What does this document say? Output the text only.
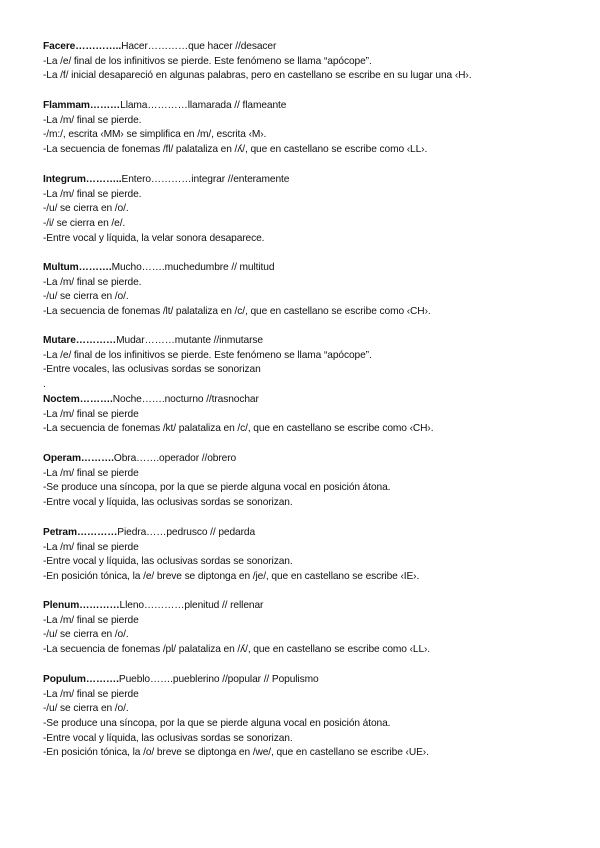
Facere…………..Hacer…………que hacer //desacer
-La /e/ final de los infinitivos se pierde. Este fenómeno se llama “apócope”.
-La /f/ inicial desapareció en algunas palabras, pero en castellano se escribe en su lugar una ‹H›.
Flammam………Llama…………llamarada // flameante
-La /m/ final se pierde.
-/m:/, escrita ‹MM› se simplifica en /m/, escrita ‹M›.
-La secuencia de fonemas /fl/ palataliza en /ʎ/, que en castellano se escribe como ‹LL›.
Integrum………..Entero…………integrar //enteramente
-La /m/ final se pierde.
-/u/ se cierra en /o/.
-/i/ se cierra en /e/.
-Entre vocal y líquida, la velar sonora desaparece.
Multum……….Mucho…….muchedumbre // multitud
-La /m/ final se pierde.
-/u/ se cierra en /o/.
-La secuencia de fonemas /lt/ palataliza en /c/, que en castellano se escribe como ‹CH›.
Mutare…………Mudar………mutante //inmutarse
-La /e/ final de los infinitivos se pierde. Este fenómeno se llama “apócope”.
-Entre vocales, las oclusivas sordas se sonorizan
.
Noctem……….Noche…….nocturno //trasnochar
-La /m/ final se pierde
-La secuencia de fonemas /kt/ palataliza en /c/, que en castellano se escribe como ‹CH›.
Operam……….Obra…….operador //obrero
-La /m/ final se pierde
-Se produce una síncopa, por la que se pierde alguna vocal en posición átona.
-Entre vocal y líquida, las oclusivas sordas se sonorizan.
Petram…………Piedra……pedrusco // pedarda
-La /m/ final se pierde
-Entre vocal y líquida, las oclusivas sordas se sonorizan.
-En posición tónica, la /e/ breve se diptonga en /je/, que en castellano se escribe ‹IE›.
Plenum…………Lleno…………plenitud // rellenar
-La /m/ final se pierde
-/u/ se cierra en /o/.
-La secuencia de fonemas /pl/ palataliza en /ʎ/, que en castellano se escribe como ‹LL›.
Populum……….Pueblo…….pueblerino //popular // Populismo
-La /m/ final se pierde
-/u/ se cierra en /o/.
-Se produce una síncopa, por la que se pierde alguna vocal en posición átona.
-Entre vocal y líquida, las oclusivas sordas se sonorizan.
-En posición tónica, la /o/ breve se diptonga en /we/, que en castellano se escribe ‹UE›.
